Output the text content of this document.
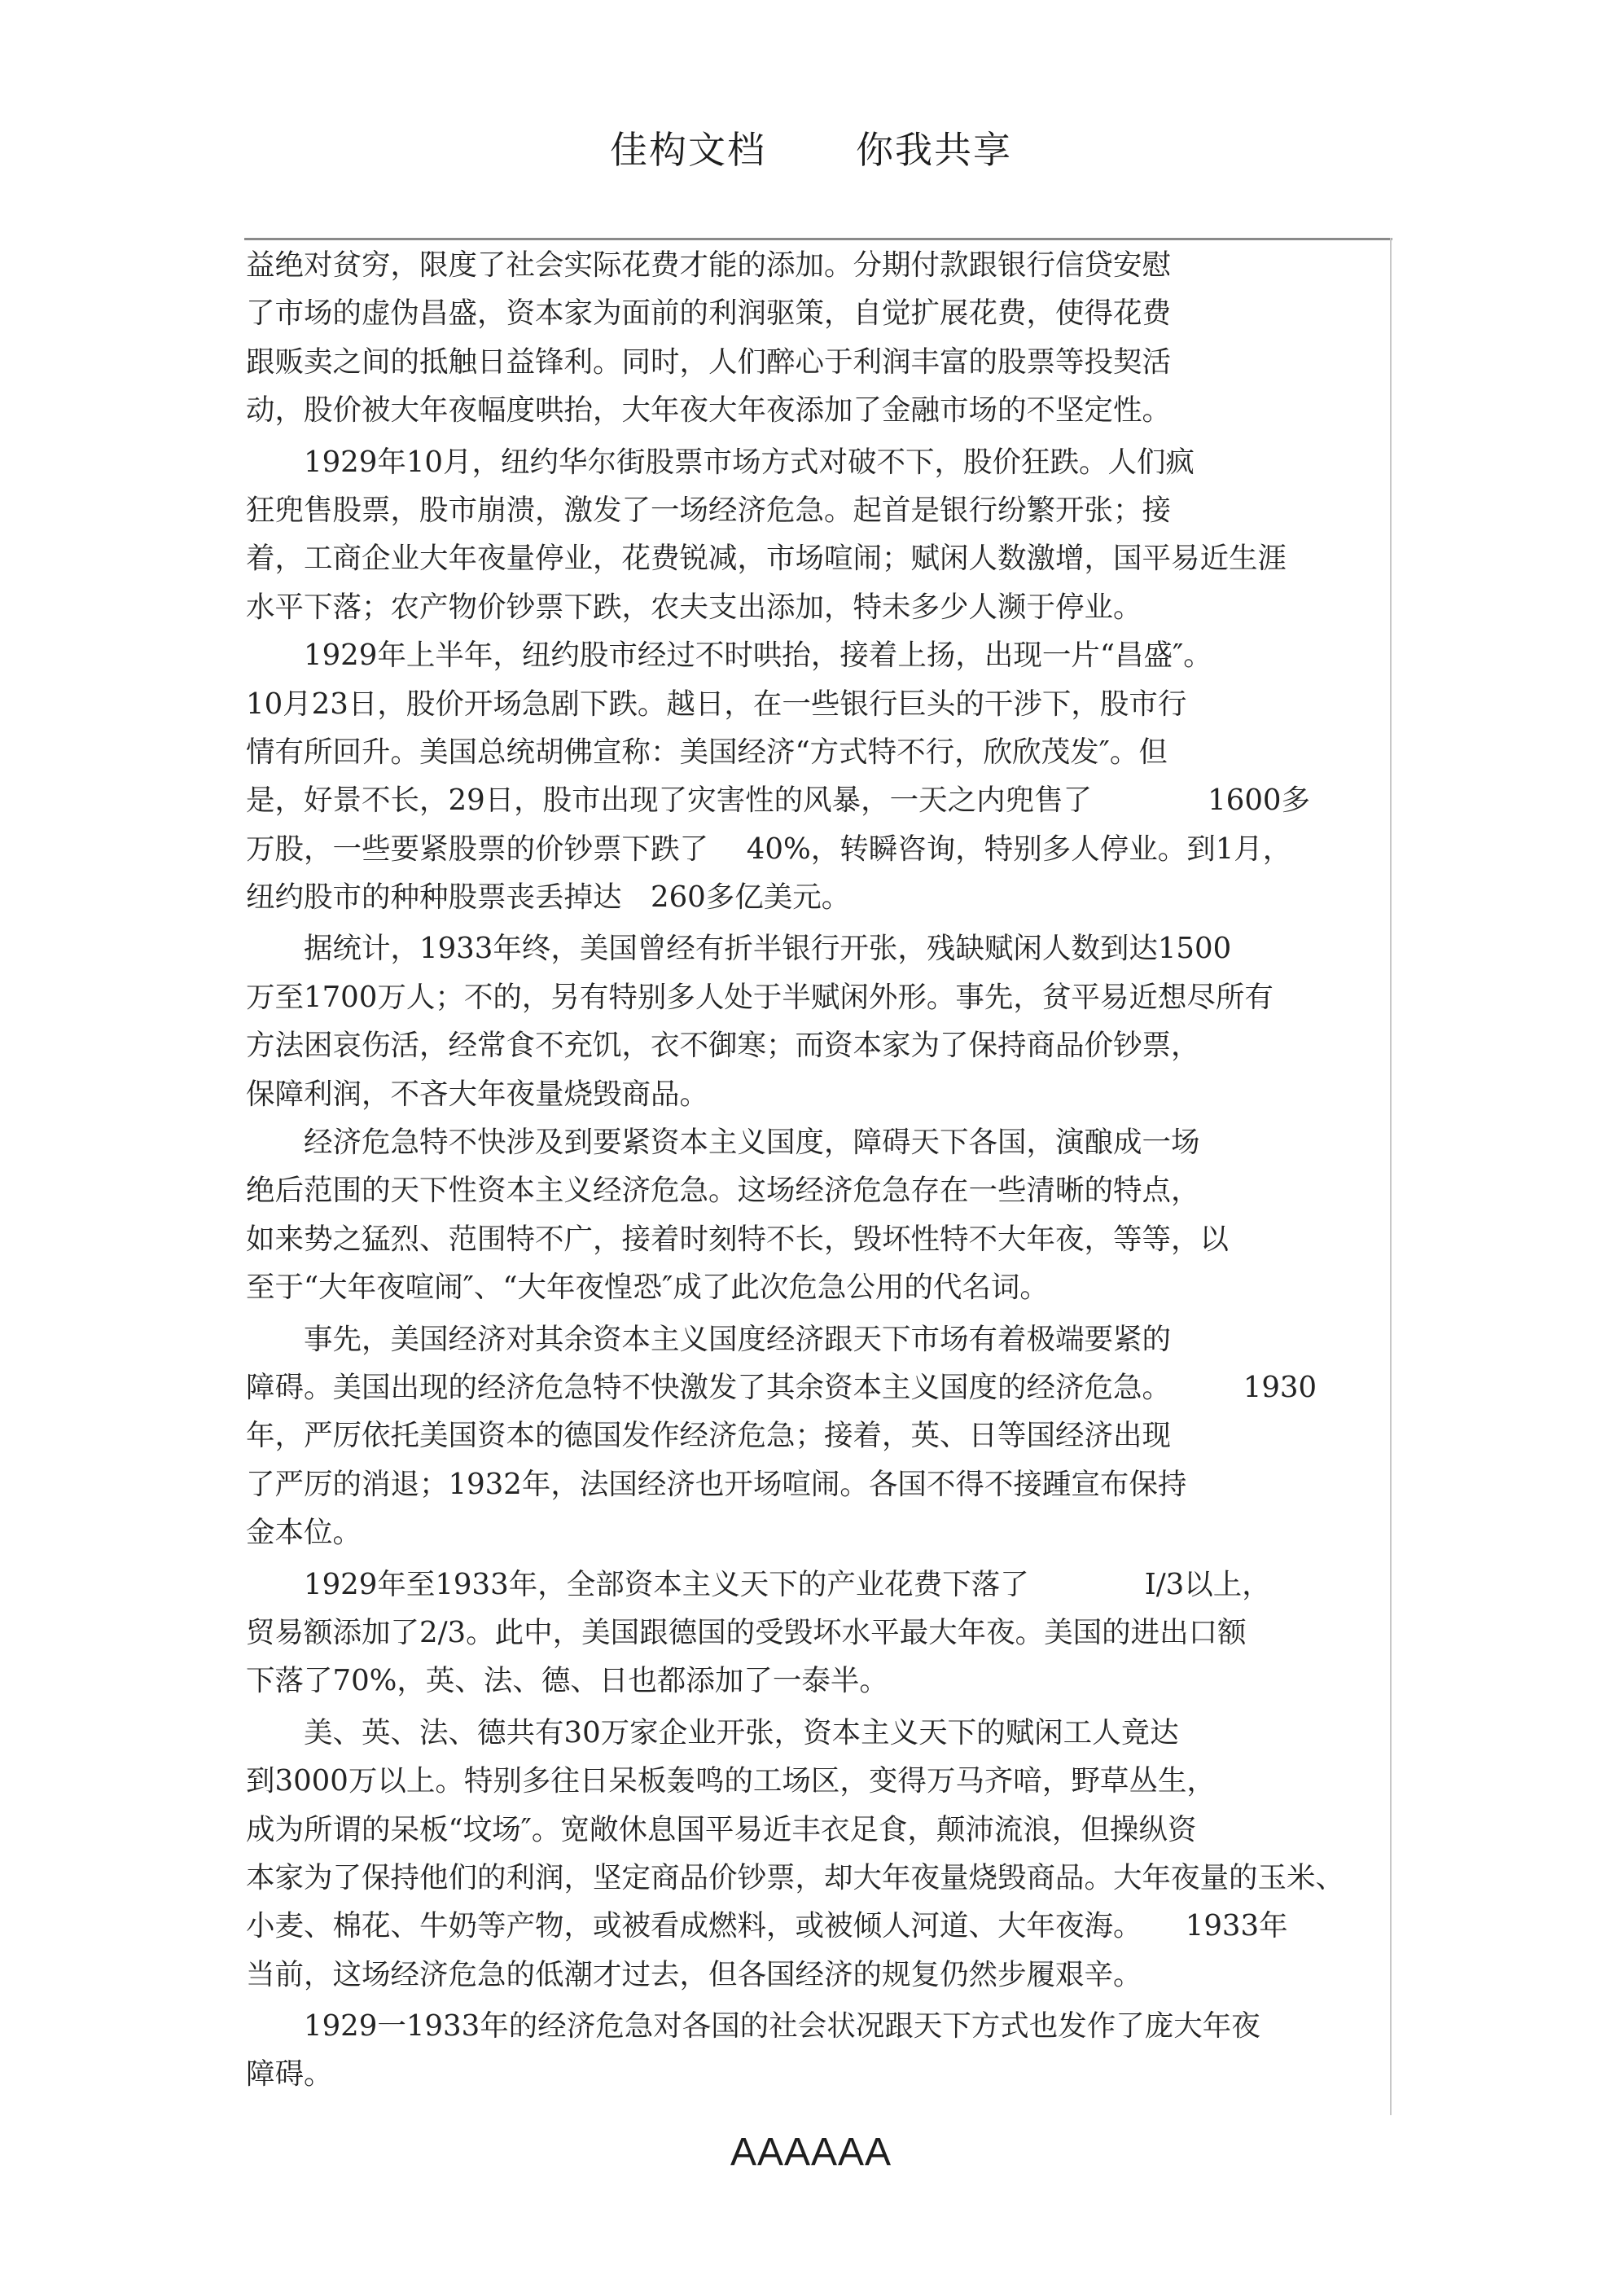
佳构文档 你我共享
益绝对贫穷，限度了社会实际花费才能的添加。分期付款跟银行信贷安慰
了市场的虚伪昌盛，资本家为面前的利润驱策，自觉扩展花费，使得花费
跟贩卖之间的抵触日益锋利。同时，人们醉心于利润丰富的股票等投契活
动，股价被大年夜幅度哄抬，大年夜大年夜添加了金融市场的不坚定性。
　　1929年10月，纽约华尔街股票市场方式对破不下，股价狂跌。人们疯
狂兜售股票，股市崩溃，激发了一场经济危急。起首是银行纷繁开张；接
着，工商企业大年夜量停业，花费锐减，市场喧闹；赋闲人数激增，国平易近生涯
水平下落；农产物价钞票下跌，农夫支出添加，特未多少人濒于停业。
　　1929年上半年，纽约股市经过不时哄抬，接着上扬，出现一片“昌盛″。
10月23日，股价开场急剧下跌。越日，在一些银行巨头的干涉下，股市行
情有所回升。美国总统胡佛宣称：美国经济“方式特不行，欣欣茂发″。但
是，好景不长，29日，股市出现了灾害性的风暴，一天之内兜售了　　　　1600多
万股，一些要紧股票的价钞票下跌了　 40%，转瞬咨询，特别多人停业。到1月，
纽约股市的种种股票丧丢掉达　260多亿美元。
　　据统计，1933年终，美国曾经有折半银行开张，残缺赋闲人数到达1500
万至1700万人；不的，另有特别多人处于半赋闲外形。事先，贫平易近想尽所有
方法困哀伤活，经常食不充饥，衣不御寒；而资本家为了保持商品价钞票，
保障利润，不吝大年夜量烧毁商品。
　　经济危急特不快涉及到要紧资本主义国度，障碍天下各国，演酿成一场
绝后范围的天下性资本主义经济危急。这场经济危急存在一些清晰的特点，
如来势之猛烈、范围特不广，接着时刻特不长，毁坏性特不大年夜，等等，以
至于“大年夜喧闹″、“大年夜惶恐″成了此次危急公用的代名词。
　　事先，美国经济对其余资本主义国度经济跟天下市场有着极端要紧的
障碍。美国出现的经济危急特不快激发了其余资本主义国度的经济危急。　　　1930
年，严厉依托美国资本的德国发作经济危急；接着，英、日等国经济出现
了严厉的消退；1932年，法国经济也开场喧闹。各国不得不接踵宣布保持
金本位。
　　1929年至1933年，全部资本主义天下的产业花费下落了　　　　I/3以上，
贸易额添加了2/3。此中，美国跟德国的受毁坏水平最大年夜。美国的进出口额
下落了70%，英、法、德、日也都添加了一泰半。
　　美、英、法、德共有30万家企业开张，资本主义天下的赋闲工人竟达
到3000万以上。特别多往日呆板轰鸣的工场区，变得万马齐喑，野草丛生，
成为所谓的呆板“坟场″。宽敞休息国平易近丰衣足食，颠沛流浪，但操纵资
本家为了保持他们的利润，坚定商品价钞票，却大年夜量烧毁商品。大年夜量的玉米、
小麦、棉花、牛奶等产物，或被看成燃料，或被倾人河道、大年夜海。　　1933年
当前，这场经济危急的低潮才过去，但各国经济的规复仍然步履艰辛。
　　1929一1933年的经济危急对各国的社会状况跟天下方式也发作了庞大年夜
障碍。
AAAAAA
